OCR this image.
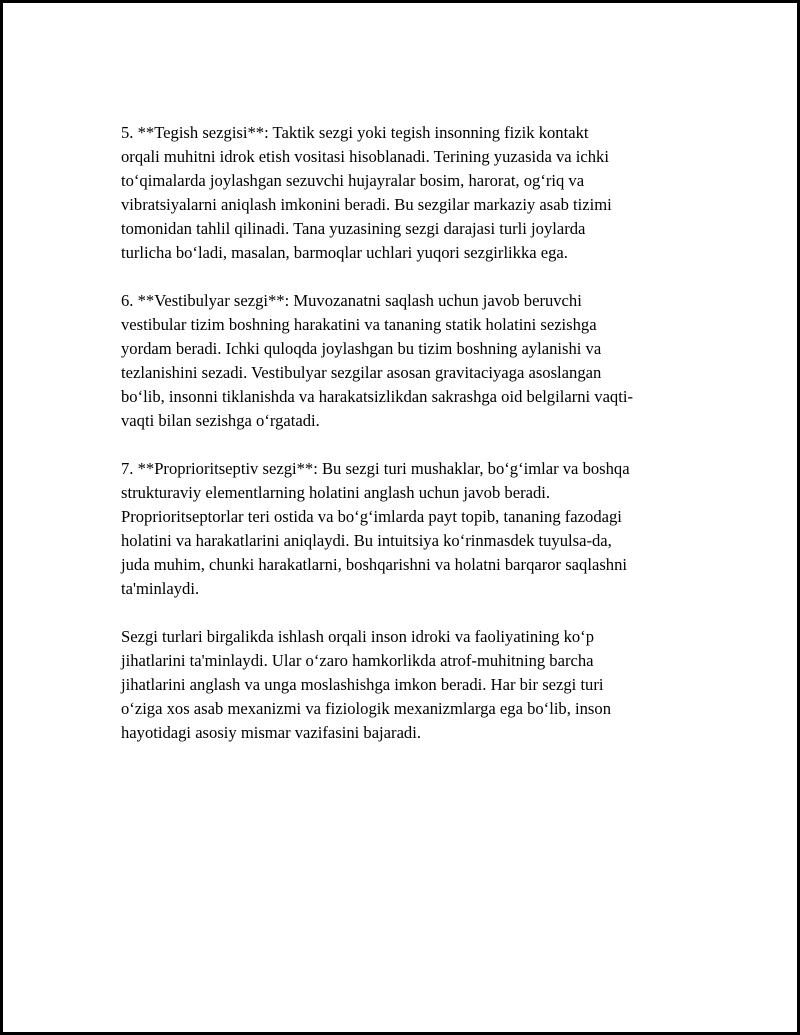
5. **Tegish sezgisi**: Taktik sezgi yoki tegish insonning fizik kontakt
orqali muhitni idrok etish vositasi hisoblanadi. Terining yuzasida va ichki
to‘qimalarda joylashgan sezuvchi hujayralar bosim, harorat, og‘riq va
vibratsiyalarni aniqlash imkonini beradi. Bu sezgilar markaziy asab tizimi
tomonidan tahlil qilinadi. Tana yuzasining sezgi darajasi turli joylarda
turlicha bo‘ladi, masalan, barmoqlar uchlari yuqori sezgirlikka ega.

6. **Vestibulyar sezgi**: Muvozanatni saqlash uchun javob beruvchi
vestibular tizim boshning harakatini va tananing statik holatini sezishga
yordam beradi. Ichki quloqda joylashgan bu tizim boshning aylanishi va
tezlanishini sezadi. Vestibulyar sezgilar asosan gravitaciyaga asoslangan
bo‘lib, insonni tiklanishda va harakatsizlikdan sakrashga oid belgilarni vaqti-
vaqti bilan sezishga o‘rgatadi.

7. **Proprioritseptiv sezgi**: Bu sezgi turi mushaklar, bo‘g‘imlar va boshqa
strukturaviy elementlarning holatini anglash uchun javob beradi.
Proprioritseptorlar teri ostida va bo‘g‘imlarda payt topib, tananing fazodagi
holatini va harakatlarini aniqlaydi. Bu intuitsiya ko‘rinmasdek tuyulsa-da,
juda muhim, chunki harakatlarni, boshqarishni va holatni barqaror saqlashni
ta'minlaydi.

Sezgi turlari birgalikda ishlash orqali inson idroki va faoliyatining ko‘p
jihatlarini ta'minlaydi. Ular o‘zaro hamkorlikda atrof-muhitning barcha
jihatlarini anglash va unga moslashishga imkon beradi. Har bir sezgi turi
o‘ziga xos asab mexanizmi va fiziologik mexanizmlarga ega bo‘lib, inson
hayotidagi asosiy mismar vazifasini bajaradi.
